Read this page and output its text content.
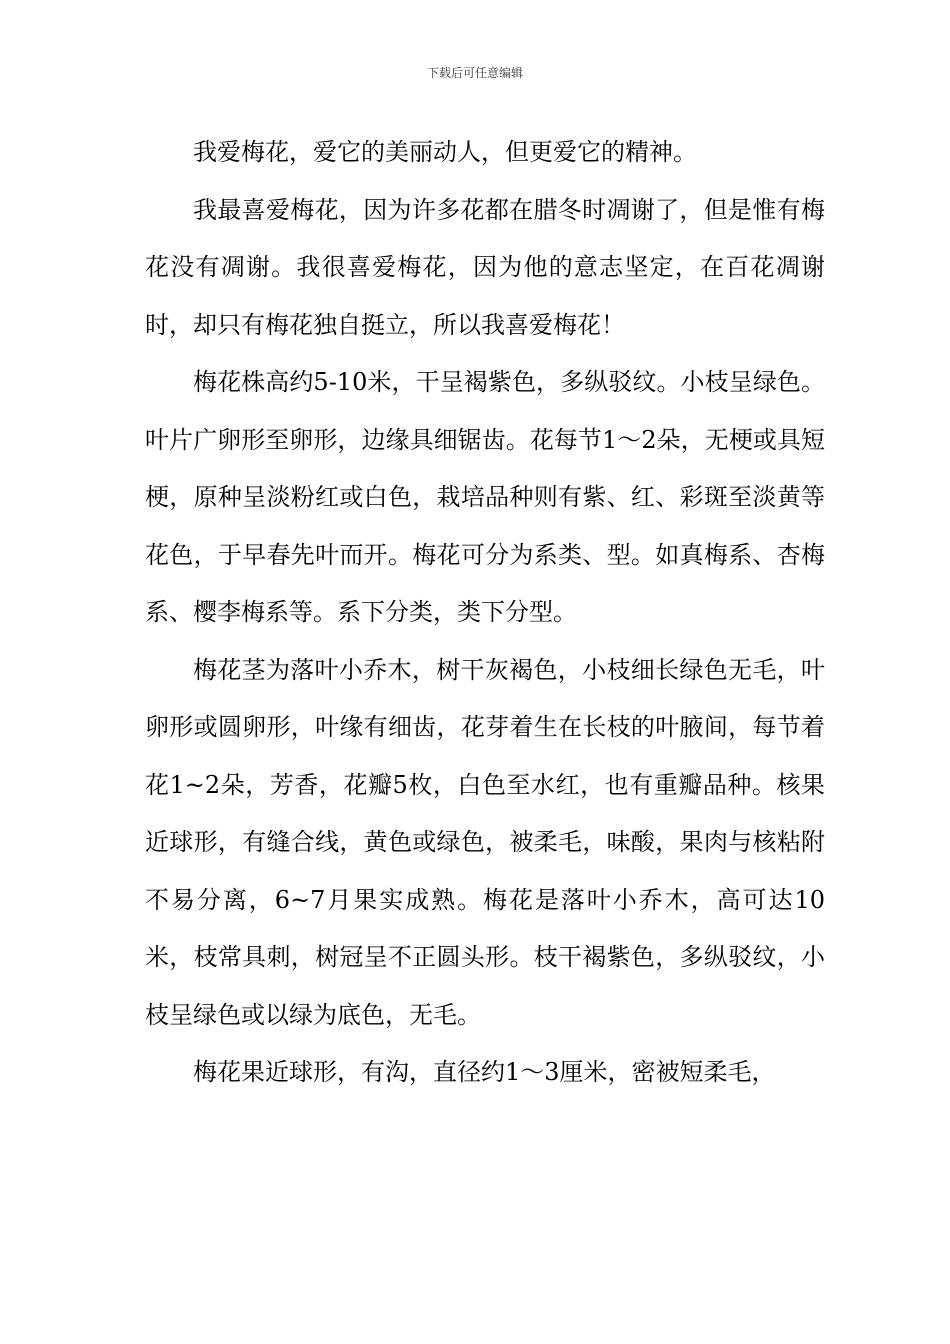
下载后可任意编辑

我爱梅花，爱它的美丽动人，但更爱它的精神。

我最喜爱梅花，因为许多花都在腊冬时凋谢了，但是惟有梅花没有凋谢。我很喜爱梅花，因为他的意志坚定，在百花凋谢时，却只有梅花独自挺立，所以我喜爱梅花！

梅花株高约5-10米，干呈褐紫色，多纵驳纹。小枝呈绿色。叶片广卵形至卵形，边缘具细锯齿。花每节1～2朵，无梗或具短梗，原种呈淡粉红或白色，栽培品种则有紫、红、彩斑至淡黄等花色，于早春先叶而开。梅花可分为系类、型。如真梅系、杏梅系、樱李梅系等。系下分类，类下分型。

梅花茎为落叶小乔木，树干灰褐色，小枝细长绿色无毛，叶卵形或圆卵形，叶缘有细齿，花芽着生在长枝的叶腋间，每节着花1~2朵，芳香，花瓣5枚，白色至水红，也有重瓣品种。核果近球形，有缝合线，黄色或绿色，被柔毛，味酸，果肉与核粘附不易分离，6~7月果实成熟。梅花是落叶小乔木，高可达10米，枝常具刺，树冠呈不正圆头形。枝干褐紫色，多纵驳纹，小枝呈绿色或以绿为底色，无毛。

梅花果近球形，有沟，直径约1～3厘米，密被短柔毛，
